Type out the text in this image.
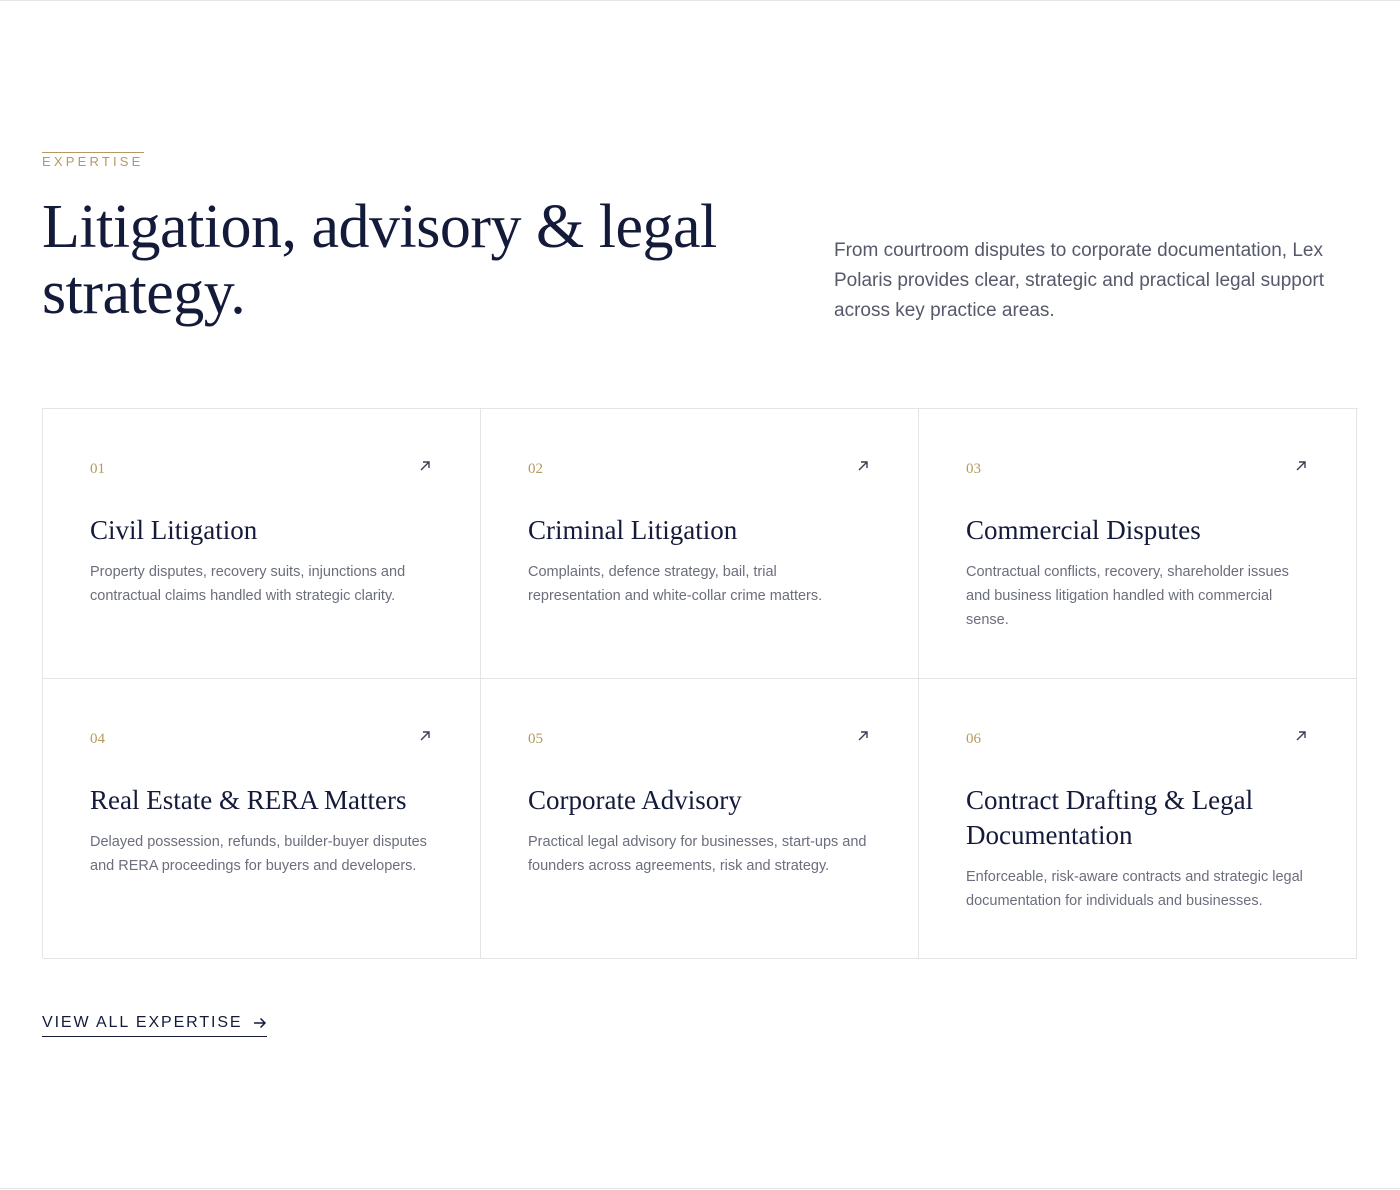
EXPERTISE
Litigation, advisory & legal strategy.

From courtroom disputes to corporate documentation, Lex Polaris provides clear, strategic and practical legal support across key practice areas.

01
Civil Litigation

Property disputes, recovery suits, injunctions and contractual claims handled with strategic clarity.

02
Criminal Litigation

Complaints, defence strategy, bail, trial representation and white-collar crime matters.

03
Commercial Disputes

Contractual conflicts, recovery, shareholder issues and business litigation handled with commercial sense.

04
Real Estate & RERA Matters

Delayed possession, refunds, builder-buyer disputes and RERA proceedings for buyers and developers.

05
Corporate Advisory

Practical legal advisory for businesses, start-ups and founders across agreements, risk and strategy.

06
Contract Drafting & Legal Documentation

Enforceable, risk-aware contracts and strategic legal documentation for individuals and businesses.

VIEW ALL EXPERTISE
